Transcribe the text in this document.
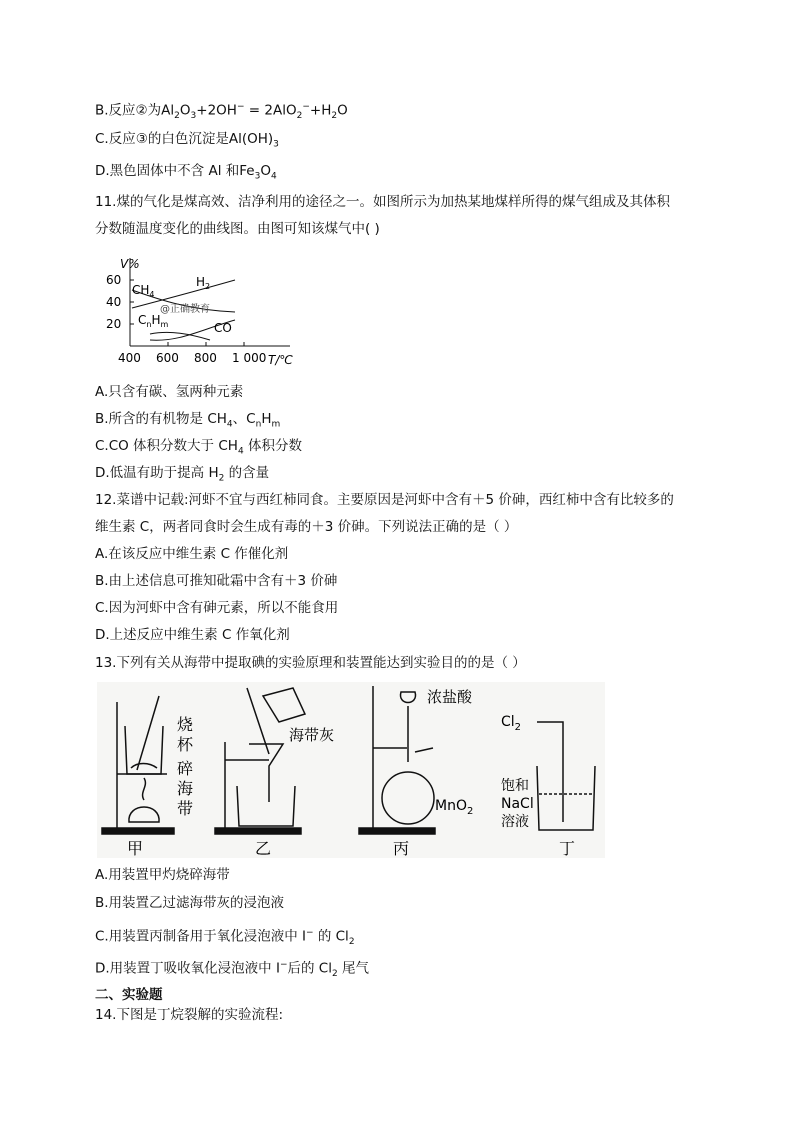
B.反应②为$Al_2O_3+2OH^- = 2AlO_2^-+H_2O$
C.反应③的白色沉淀是$Al(OH)_3$
D.黑色固体中不含 Al 和$Fe_3O_4$
11.煤的气化是煤高效、洁净利用的途径之一。如图所示为加热某地煤样所得的煤气组成及其体积
分数随温度变化的曲线图。由图可知该煤气中( )
60
40
20
V%
400 600 800 1 000 T/℃
$CH_4$
$H_2$
$C_nH_m$	CO
@正确教育
A.只含有碳、氢两种元素
B.所含的有机物是 $CH_4$、$C_nH_m$
C.CO 体积分数大于 $CH_4$ 体积分数
D.低温有助于提高 $H_2$ 的含量
12.菜谱中记载:河虾不宜与西红柿同食。主要原因是河虾中含有＋5 价砷，西红柿中含有比较多的
维生素 C，两者同食时会生成有毒的＋3 价砷。下列说法正确的是（ ）
A.在该反应中维生素 C 作催化剂
B.由上述信息可推知砒霜中含有＋3 价砷
C.因为河虾中含有砷元素，所以不能食用
D.上述反应中维生素 C 作氧化剂
13.下列有关从海带中提取碘的实验原理和装置能达到实验目的的是（ ）
烧
杯
碎
海
带
甲
海带灰
乙
浓盐酸
MnO$_2$
丙
$Cl_2$
饱和
NaCl
溶液
丁
A.用装置甲灼烧碎海带
B.用装置乙过滤海带灰的浸泡液
C.用装置丙制备用于氧化浸泡液中 I− 的 $Cl_2$
D.用装置丁吸收氧化浸泡液中 I−后的 $Cl_2$ 尾气
二、实验题
14.下图是丁烷裂解的实验流程:
